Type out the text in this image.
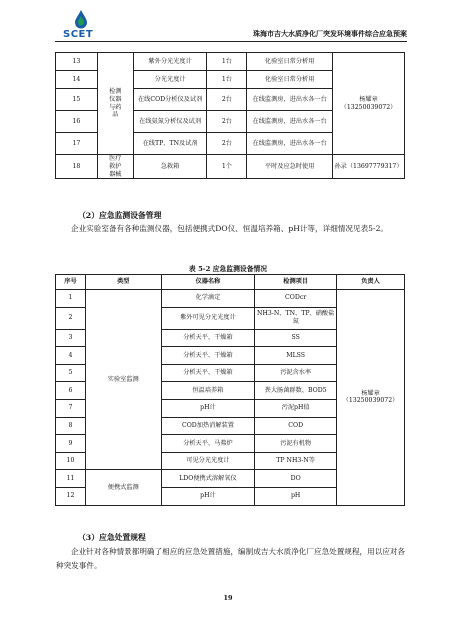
SCET	珠海市吉大水质净化厂突发环境事件综合应急预案
13	检测仪器与药品	紫外分光光度计	1台	化验室日常分析用	杨耀章（13250039072）
14		分光光度计	1台	化验室日常分析用	
15		在线COD分析仪及试剂	2台	在线监测房，进出水各一台	
16		在线氨氮分析仪及试剂	2台	在线监测房，进出水各一台	
17		在线TP、TN及试剂	2台	在线监测房，进出水各一台	
18	医疗救护器械	急救箱	1个	平时及应急时使用	孙录（13697779317）
（2）应急监测设备管理
企业实验室备有各种监测仪器，包括便携式DO仪、恒温培养箱、pH计等，详细情况见表5-2。
表 5-2 应急监测设备情况
序号	类型	仪器名称	检测项目	负责人
1	实验室监测	化学滴定	CODcr	杨耀章（13250039072）
2		紫外可见分光光度计	NH3-N、TN、TP、硝酸盐氮	
3		分析天平、干燥箱	SS	
4		分析天平、干燥箱	MLSS	
5		分析天平、干燥箱	污泥含水率	
6		恒温培养箱	粪大肠菌群数、BOD5	
7		pH计	污泥pH值	
8		COD加热消解装置	COD	
9		分析天平、马弗炉	污泥有机物	
10		可见分光光度计	TP NH3-N等	
11	便携式监测	LDO便携式溶解氧仪	DO	
12		pH计	pH	
（3）应急处置规程
企业针对各种情景都明确了相应的应急处置措施，编制成吉大水质净化厂应急处置规程，用以应对各种突发事件。
19
